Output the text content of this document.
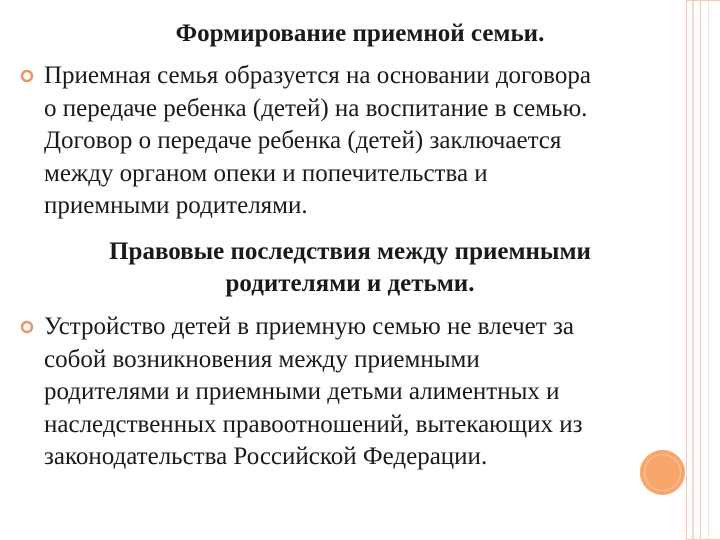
Формирование приемной семьи.
Приемная семья образуется на основании договора
о передаче ребенка (детей) на воспитание в семью.
Договор о передаче ребенка (детей) заключается
между органом опеки и попечительства и
приемными родителями.
Правовые последствия между приемными
родителями и детьми.
Устройство детей в приемную семью не влечет за
собой возникновения между приемными
родителями и приемными детьми алиментных и
наследственных правоотношений, вытекающих из
законодательства Российской Федерации.
